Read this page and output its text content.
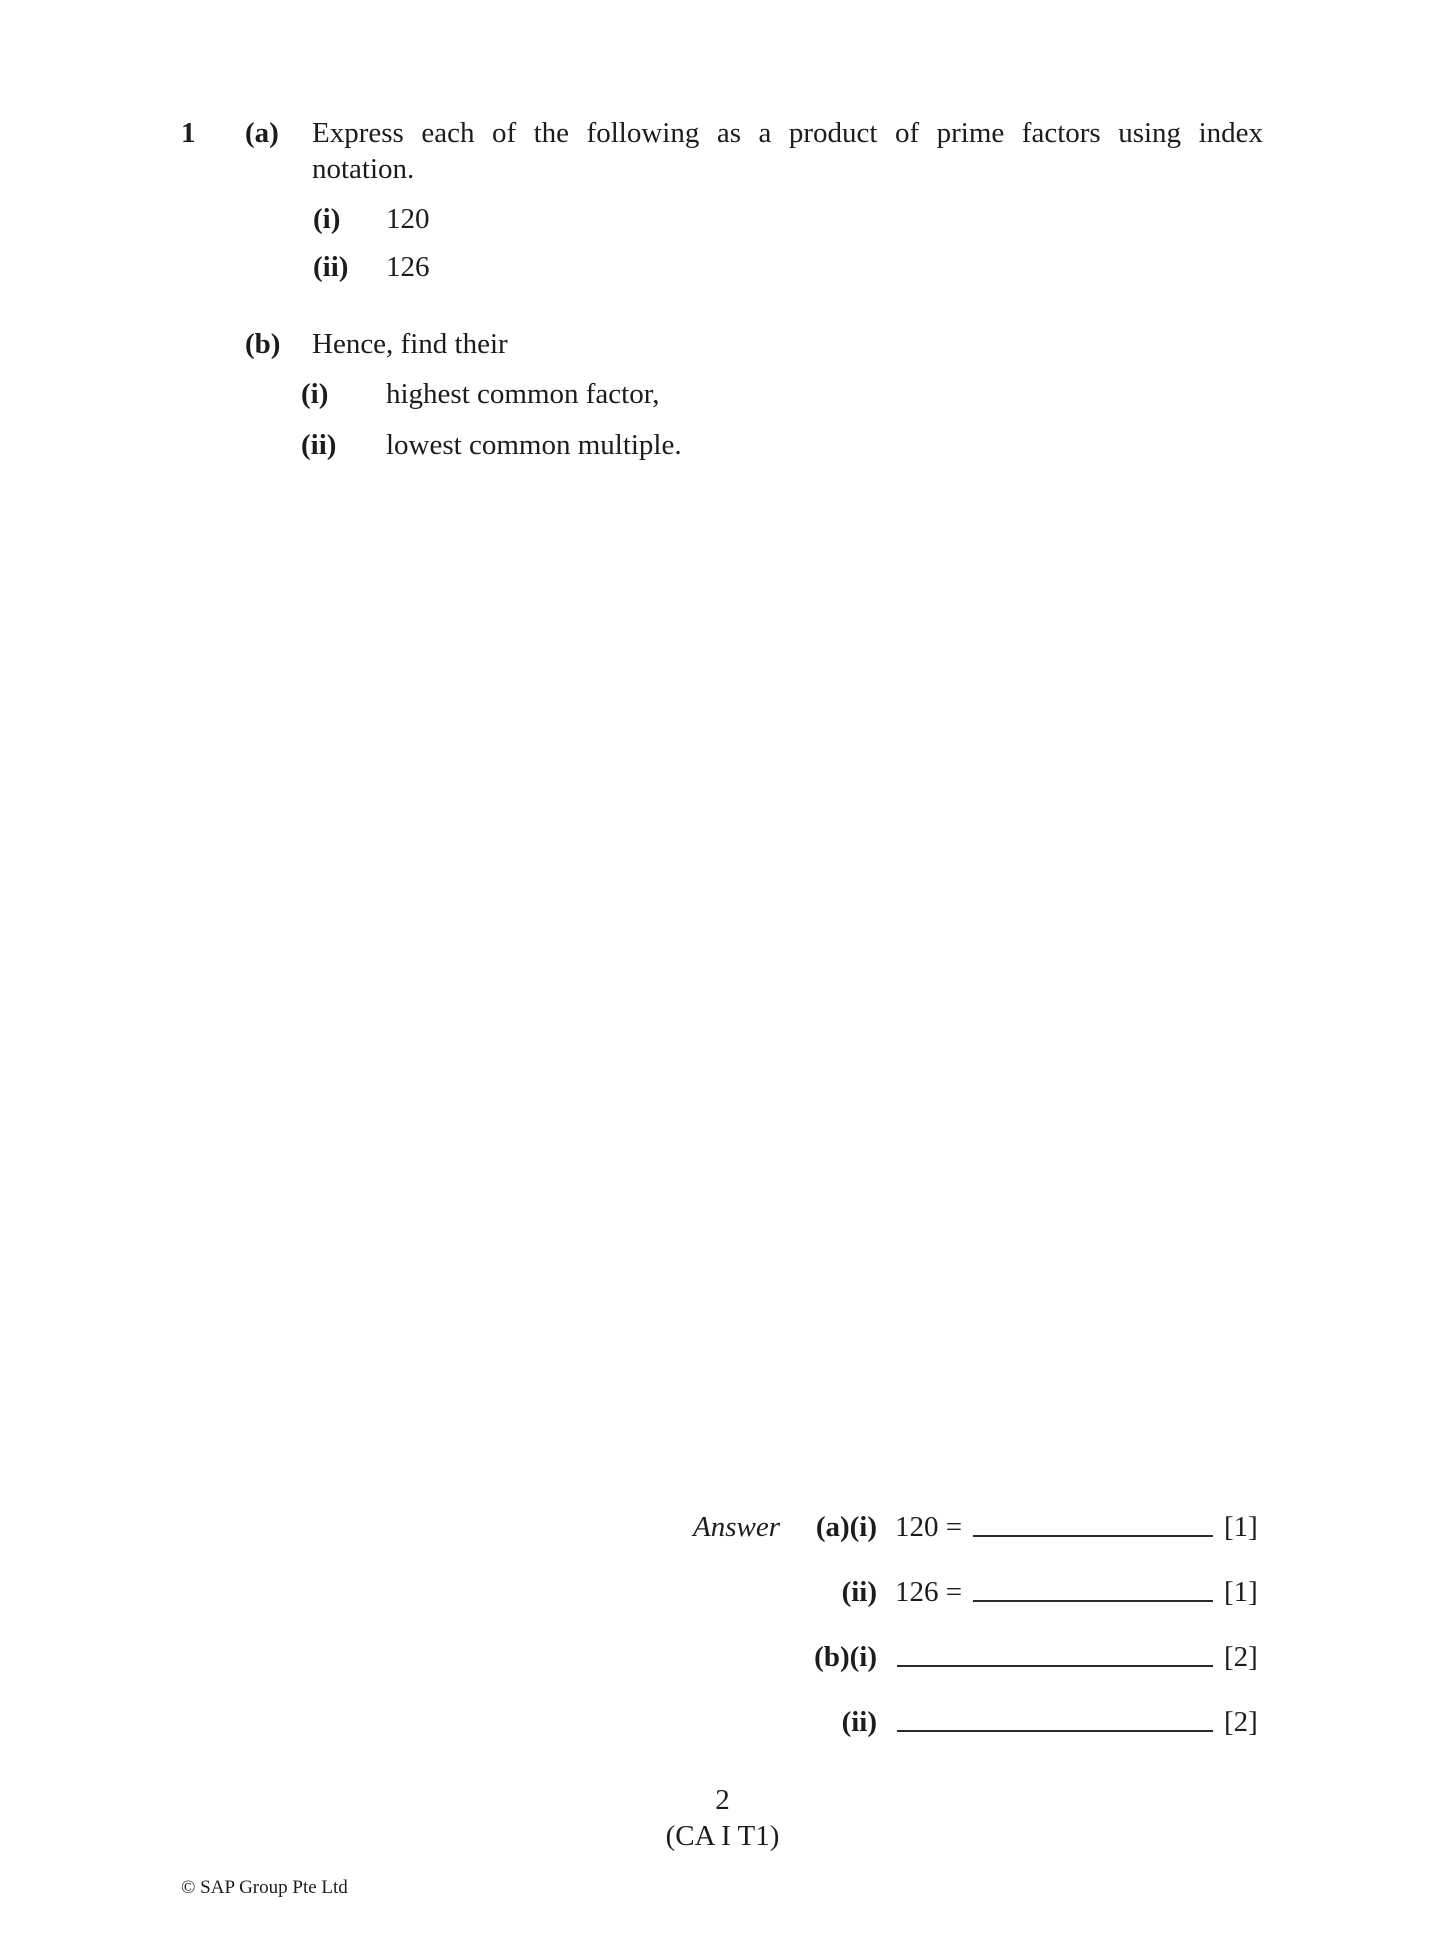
1 (a) Express each of the following as a product of prime factors using index
notation.
(i) 120
(ii) 126
(b) Hence, find their
(i) highest common factor,
(ii) lowest common multiple.
Answer (a)(i) 120 =	[1]
(ii) 126 =	[1]
(b)(i)	[2]
(ii)	[2]
2
(CA I T1)
© SAP Group Pte Ltd
